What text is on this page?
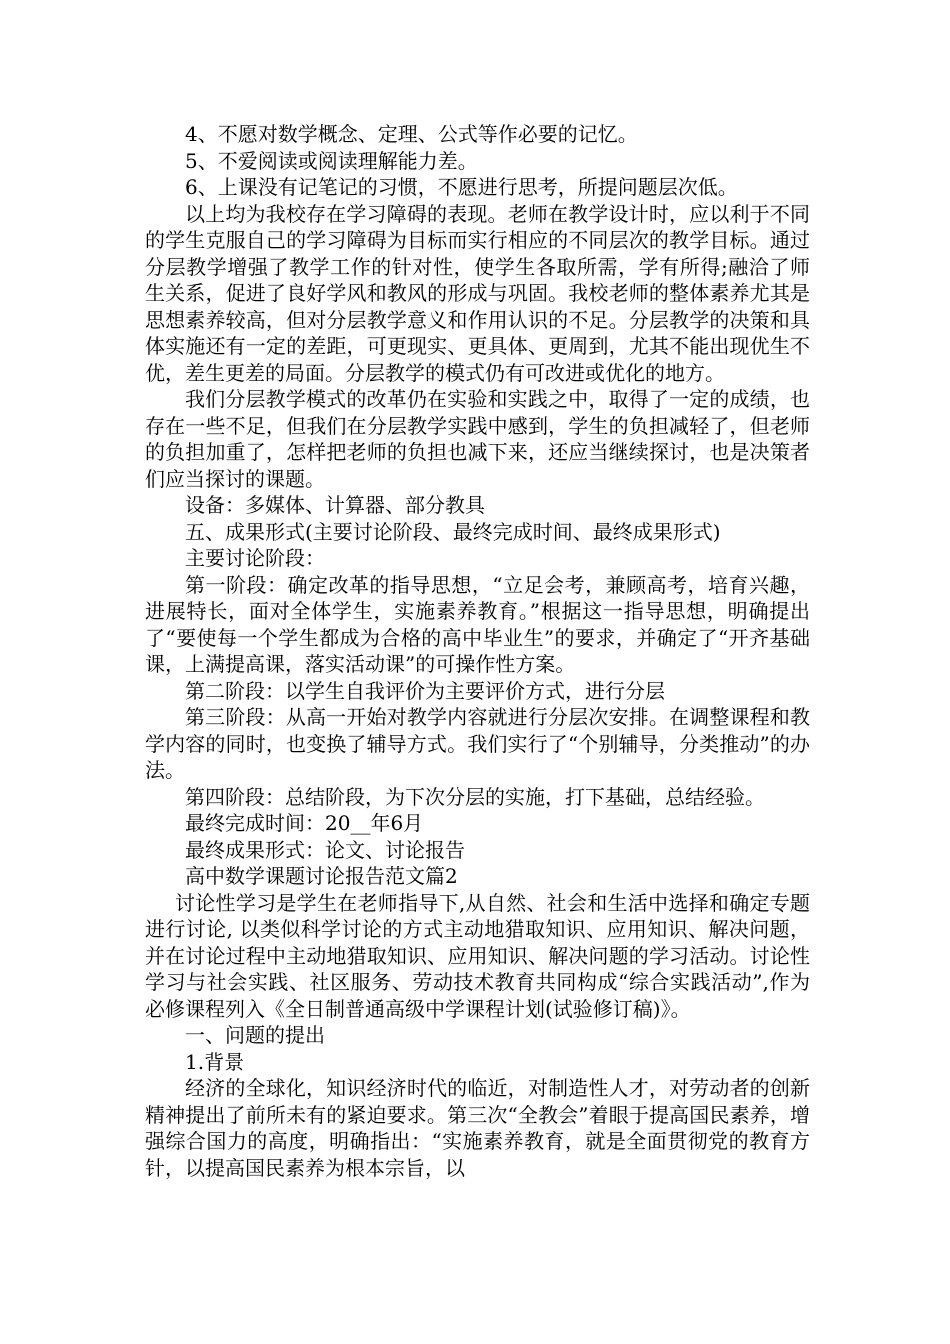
4、不愿对数学概念、定理、公式等作必要的记忆。

5、不爱阅读或阅读理解能力差。

6、上课没有记笔记的习惯，不愿进行思考，所提问题层次低。

以上均为我校存在学习障碍的表现。老师在教学设计时，应以利于不同的学生克服自己的学习障碍为目标而实行相应的不同层次的教学目标。通过分层教学增强了教学工作的针对性，使学生各取所需，学有所得;融洽了师生关系，促进了良好学风和教风的形成与巩固。我校老师的整体素养尤其是思想素养较高，但对分层教学意义和作用认识的不足。分层教学的决策和具体实施还有一定的差距，可更现实、更具体、更周到，尤其不能出现优生不优，差生更差的局面。分层教学的模式仍有可改进或优化的地方。

我们分层教学模式的改革仍在实验和实践之中，取得了一定的成绩，也存在一些不足，但我们在分层教学实践中感到，学生的负担减轻了，但老师的负担加重了，怎样把老师的负担也减下来，还应当继续探讨，也是决策者们应当探讨的课题。

设备：多媒体、计算器、部分教具

五、成果形式(主要讨论阶段、最终完成时间、最终成果形式)

主要讨论阶段：

第一阶段：确定改革的指导思想，“立足会考，兼顾高考，培育兴趣，进展特长，面对全体学生，实施素养教育。”根据这一指导思想，明确提出了“要使每一个学生都成为合格的高中毕业生”的要求，并确定了“开齐基础课，上满提高课，落实活动课”的可操作性方案。

第二阶段：以学生自我评价为主要评价方式，进行分层

第三阶段：从高一开始对教学内容就进行分层次安排。在调整课程和教学内容的同时，也变换了辅导方式。我们实行了“个别辅导，分类推动”的办法。

第四阶段：总结阶段，为下次分层的实施，打下基础，总结经验。

最终完成时间：20__年6月

最终成果形式：论文、讨论报告

高中数学课题讨论报告范文篇2

讨论性学习是学生在老师指导下,从自然、社会和生活中选择和确定专题进行讨论, 以类似科学讨论的方式主动地猎取知识、应用知识、解决问题，并在讨论过程中主动地猎取知识、应用知识、解决问题的学习活动。讨论性学习与社会实践、社区服务、劳动技术教育共同构成“综合实践活动”,作为必修课程列入《全日制普通高级中学课程计划(试验修订稿)》。

一、问题的提出

1.背景

经济的全球化，知识经济时代的临近，对制造性人才，对劳动者的创新精神提出了前所未有的紧迫要求。第三次“全教会”着眼于提高国民素养，增强综合国力的高度，明确指出：“实施素养教育，就是全面贯彻党的教育方针，以提高国民素养为根本宗旨，以
